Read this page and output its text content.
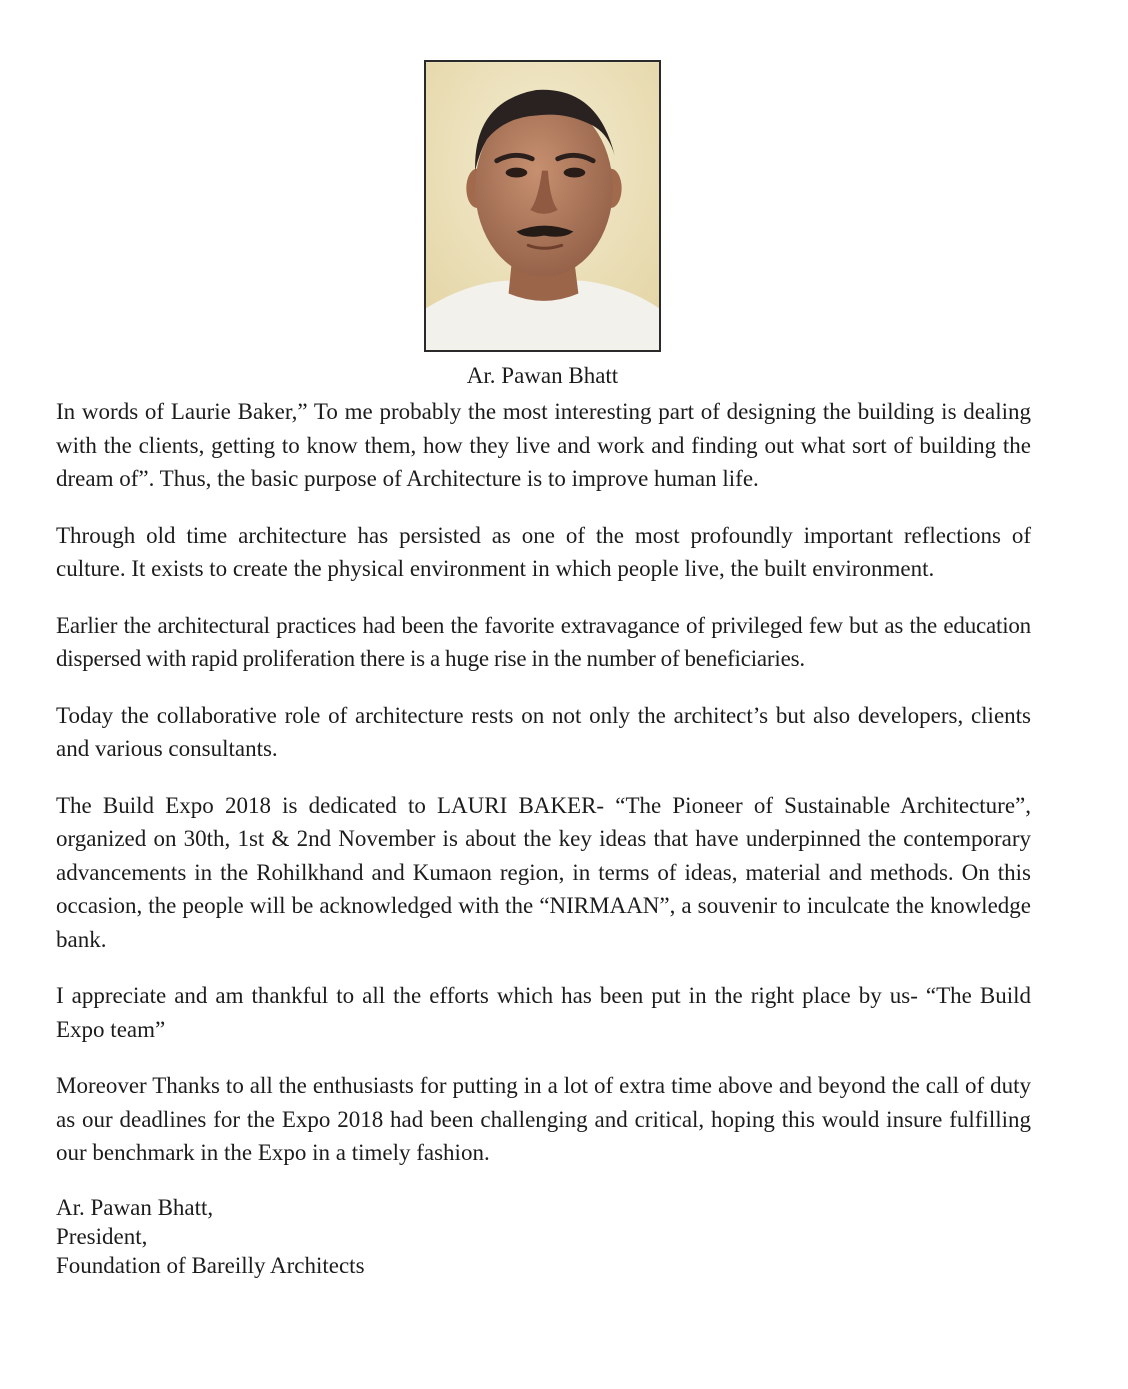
Ar. Pawan Bhatt

In words of Laurie Baker,” To me probably the most interesting part of designing the building is dealing with the clients, getting to know them, how they live and work and finding out what sort of building the dream of”. Thus, the basic purpose of Architecture is to improve human life.

Through old time architecture has persisted as one of the most profoundly important reflections of culture. It exists to create the physical environment in which people live, the built environment.

Earlier the architectural practices had been the favorite extravagance of privileged few but as the education dispersed with rapid proliferation there is a huge rise in the number of beneficiaries.

Today the collaborative role of architecture rests on not only the architect’s but also developers, clients and various consultants.

The Build Expo 2018 is dedicated to LAURI BAKER- “The Pioneer of Sustainable Architecture”, organized on 30th, 1st & 2nd November is about the key ideas that have underpinned the contemporary advancements in the Rohilkhand and Kumaon region, in terms of ideas, material and methods. On this occasion, the people will be acknowledged with the “NIRMAAN”, a souvenir to inculcate the knowledge bank.

I appreciate and am thankful to all the efforts which has been put in the right place by us- “The Build Expo team”

Moreover Thanks to all the enthusiasts for putting in a lot of extra time above and beyond the call of duty as our deadlines for the Expo 2018 had been challenging and critical, hoping this would insure fulfilling our benchmark in the Expo in a timely fashion.

Ar. Pawan Bhatt,
President,
Foundation of Bareilly Architects
